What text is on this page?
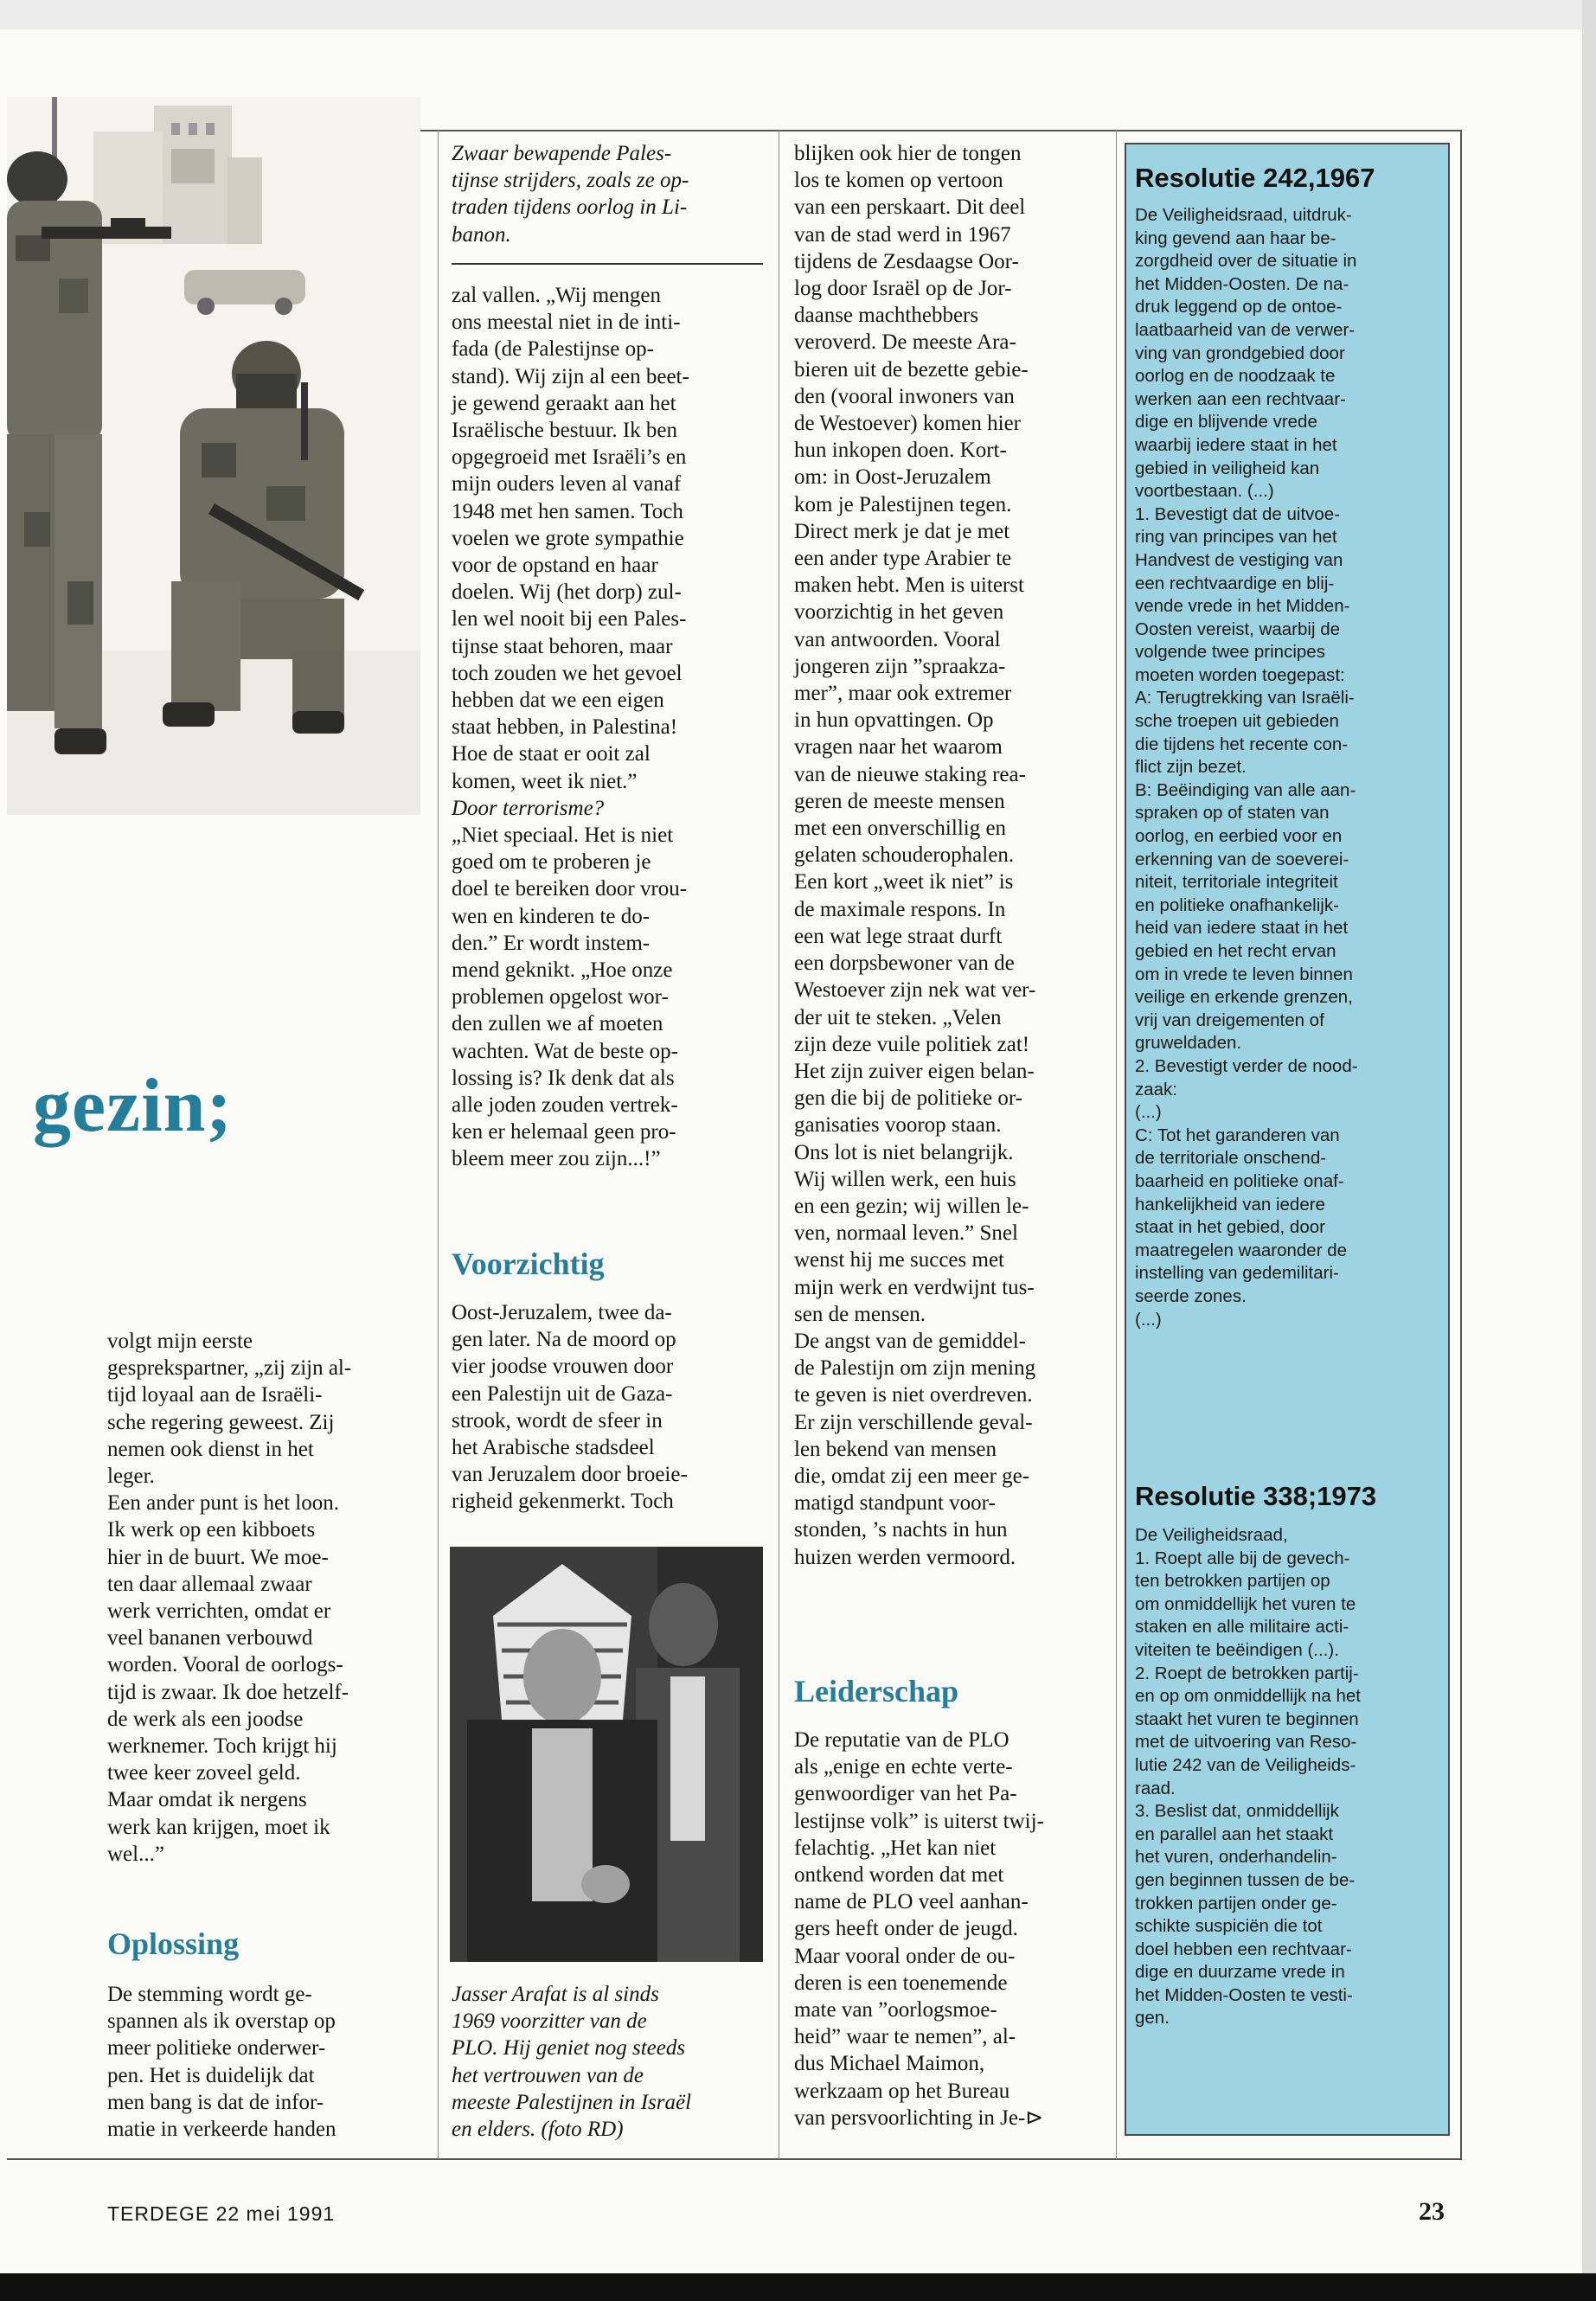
gezin;
volgt mijn eerste
gesprekspartner, „zij zijn al-
tijd loyaal aan de Israëli-
sche regering geweest. Zij
nemen ook dienst in het
leger.
Een ander punt is het loon.
Ik werk op een kibboets
hier in de buurt. We moe-
ten daar allemaal zwaar
werk verrichten, omdat er
veel bananen verbouwd
worden. Vooral de oorlogs-
tijd is zwaar. Ik doe hetzelf-
de werk als een joodse
werknemer. Toch krijgt hij
twee keer zoveel geld.
Maar omdat ik nergens
werk kan krijgen, moet ik
wel...”
Oplossing
De stemming wordt ge-
spannen als ik overstap op
meer politieke onderwer-
pen. Het is duidelijk dat
men bang is dat de infor-
matie in verkeerde handen
Zwaar bewapende Pales-
tijnse strijders, zoals ze op-
traden tijdens oorlog in Li-
banon.
zal vallen. „Wij mengen
ons meestal niet in de inti-
fada (de Palestijnse op-
stand). Wij zijn al een beet-
je gewend geraakt aan het
Israëlische bestuur. Ik ben
opgegroeid met Israëli’s en
mijn ouders leven al vanaf
1948 met hen samen. Toch
voelen we grote sympathie
voor de opstand en haar
doelen. Wij (het dorp) zul-
len wel nooit bij een Pales-
tijnse staat behoren, maar
toch zouden we het gevoel
hebben dat we een eigen
staat hebben, in Palestina!
Hoe de staat er ooit zal
komen, weet ik niet.”
Door terrorisme?
„Niet speciaal. Het is niet
goed om te proberen je
doel te bereiken door vrou-
wen en kinderen te do-
den.” Er wordt instem-
mend geknikt. „Hoe onze
problemen opgelost wor-
den zullen we af moeten
wachten. Wat de beste op-
lossing is? Ik denk dat als
alle joden zouden vertrek-
ken er helemaal geen pro-
bleem meer zou zijn...!”
Voorzichtig
Oost-Jeruzalem, twee da-
gen later. Na de moord op
vier joodse vrouwen door
een Palestijn uit de Gaza-
strook, wordt de sfeer in
het Arabische stadsdeel
van Jeruzalem door broeie-
righeid gekenmerkt. Toch
Jasser Arafat is al sinds
1969 voorzitter van de
PLO. Hij geniet nog steeds
het vertrouwen van de
meeste Palestijnen in Israël
en elders. (foto RD)
blijken ook hier de tongen
los te komen op vertoon
van een perskaart. Dit deel
van de stad werd in 1967
tijdens de Zesdaagse Oor-
log door Israël op de Jor-
daanse machthebbers
veroverd. De meeste Ara-
bieren uit de bezette gebie-
den (vooral inwoners van
de Westoever) komen hier
hun inkopen doen. Kort-
om: in Oost-Jeruzalem
kom je Palestijnen tegen.
Direct merk je dat je met
een ander type Arabier te
maken hebt. Men is uiterst
voorzichtig in het geven
van antwoorden. Vooral
jongeren zijn ”spraakza-
mer”, maar ook extremer
in hun opvattingen. Op
vragen naar het waarom
van de nieuwe staking rea-
geren de meeste mensen
met een onverschillig en
gelaten schouderophalen.
Een kort „weet ik niet” is
de maximale respons. In
een wat lege straat durft
een dorpsbewoner van de
Westoever zijn nek wat ver-
der uit te steken. „Velen
zijn deze vuile politiek zat!
Het zijn zuiver eigen belan-
gen die bij de politieke or-
ganisaties voorop staan.
Ons lot is niet belangrijk.
Wij willen werk, een huis
en een gezin; wij willen le-
ven, normaal leven.” Snel
wenst hij me succes met
mijn werk en verdwijnt tus-
sen de mensen.
De angst van de gemiddel-
de Palestijn om zijn mening
te geven is niet overdreven.
Er zijn verschillende geval-
len bekend van mensen
die, omdat zij een meer ge-
matigd standpunt voor-
stonden, ’s nachts in hun
huizen werden vermoord.
Leiderschap
De reputatie van de PLO
als „enige en echte verte-
genwoordiger van het Pa-
lestijnse volk” is uiterst twij-
felachtig. „Het kan niet
ontkend worden dat met
name de PLO veel aanhan-
gers heeft onder de jeugd.
Maar vooral onder de ou-
deren is een toenemende
mate van ”oorlogsmoe-
heid” waar te nemen”, al-
dus Michael Maimon,
werkzaam op het Bureau
van persvoorlichting in Je-⊳
Resolutie 242,1967
De Veiligheidsraad, uitdruk-
king gevend aan haar be-
zorgdheid over de situatie in
het Midden-Oosten. De na-
druk leggend op de ontoe-
laatbaarheid van de verwer-
ving van grondgebied door
oorlog en de noodzaak te
werken aan een rechtvaar-
dige en blijvende vrede
waarbij iedere staat in het
gebied in veiligheid kan
voortbestaan. (...)
1. Bevestigt dat de uitvoe-
ring van principes van het
Handvest de vestiging van
een rechtvaardige en blij-
vende vrede in het Midden-
Oosten vereist, waarbij de
volgende twee principes
moeten worden toegepast:
A: Terugtrekking van Israëli-
sche troepen uit gebieden
die tijdens het recente con-
flict zijn bezet.
B: Beëindiging van alle aan-
spraken op of staten van
oorlog, en eerbied voor en
erkenning van de soeverei-
niteit, territoriale integriteit
en politieke onafhankelijk-
heid van iedere staat in het
gebied en het recht ervan
om in vrede te leven binnen
veilige en erkende grenzen,
vrij van dreigementen of
gruweldaden.
2. Bevestigt verder de nood-
zaak:
(...)
C: Tot het garanderen van
de territoriale onschend-
baarheid en politieke onaf-
hankelijkheid van iedere
staat in het gebied, door
maatregelen waaronder de
instelling van gedemilitari-
seerde zones.
(...)
Resolutie 338;1973
De Veiligheidsraad,
1. Roept alle bij de gevech-
ten betrokken partijen op
om onmiddellijk het vuren te
staken en alle militaire acti-
viteiten te beëindigen (...).
2. Roept de betrokken partij-
en op om onmiddellijk na het
staakt het vuren te beginnen
met de uitvoering van Reso-
lutie 242 van de Veiligheids-
raad.
3. Beslist dat, onmiddellijk
en parallel aan het staakt
het vuren, onderhandelin-
gen beginnen tussen de be-
trokken partijen onder ge-
schikte suspiciën die tot
doel hebben een rechtvaar-
dige en duurzame vrede in
het Midden-Oosten te vesti-
gen.
TERDEGE 22 mei 1991	23
